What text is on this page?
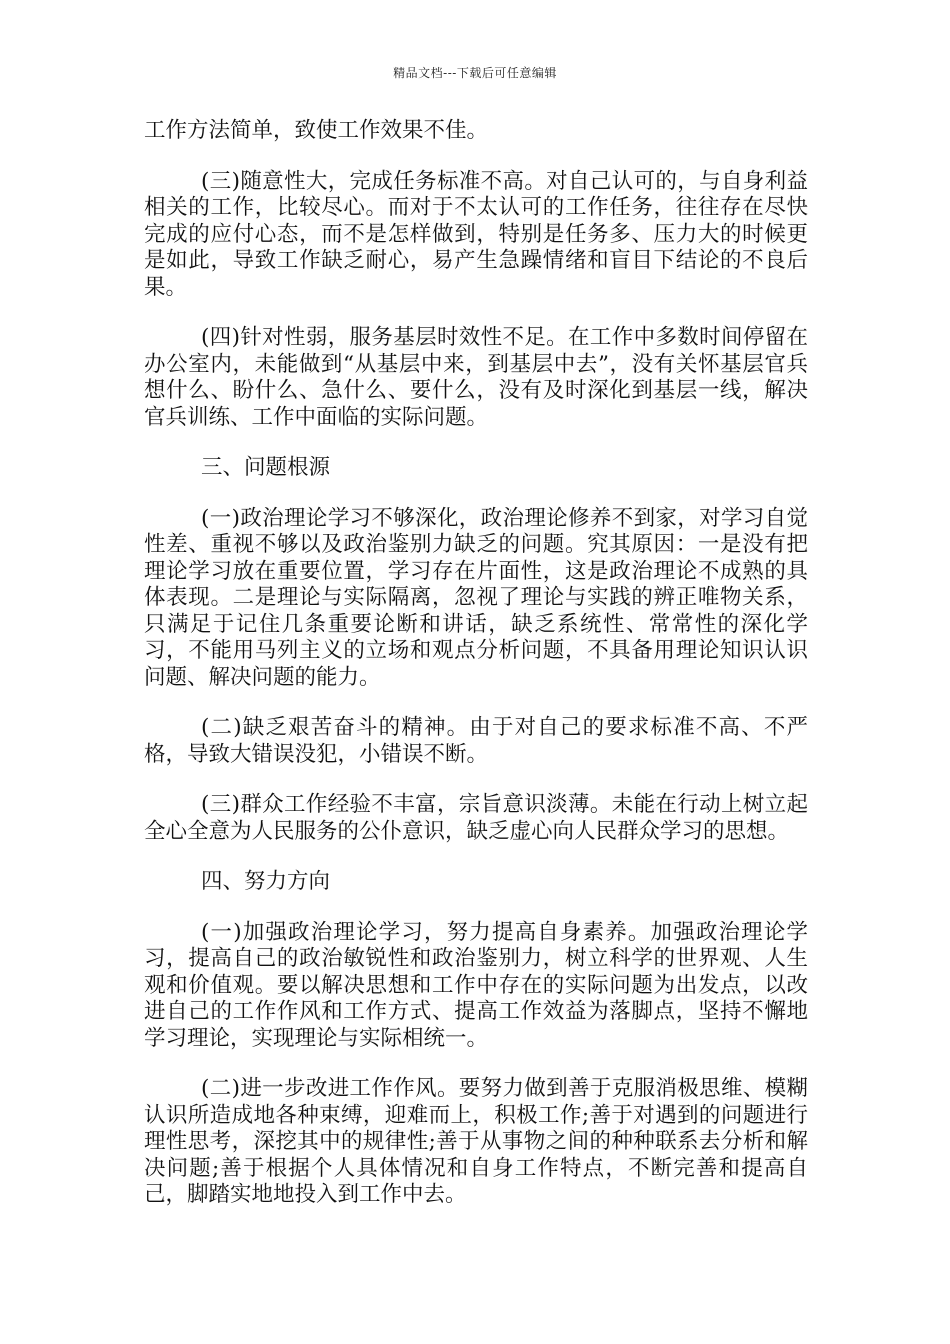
精品文档---下载后可任意编辑

工作方法简单，致使工作效果不佳。

(三)随意性大，完成任务标准不高。对自己认可的，与自身利益相关的工作，比较尽心。而对于不太认可的工作任务，往往存在尽快完成的应付心态，而不是怎样做到，特别是任务多、压力大的时候更是如此，导致工作缺乏耐心，易产生急躁情绪和盲目下结论的不良后果。

(四)针对性弱，服务基层时效性不足。在工作中多数时间停留在办公室内，未能做到“从基层中来，到基层中去”，没有关怀基层官兵想什么、盼什么、急什么、要什么，没有及时深化到基层一线，解决官兵训练、工作中面临的实际问题。

三、问题根源

(一)政治理论学习不够深化，政治理论修养不到家，对学习自觉性差、重视不够以及政治鉴别力缺乏的问题。究其原因：一是没有把理论学习放在重要位置，学习存在片面性，这是政治理论不成熟的具体表现。二是理论与实际隔离，忽视了理论与实践的辨正唯物关系，只满足于记住几条重要论断和讲话，缺乏系统性、常常性的深化学习，不能用马列主义的立场和观点分析问题，不具备用理论知识认识问题、解决问题的能力。

(二)缺乏艰苦奋斗的精神。由于对自己的要求标准不高、不严格，导致大错误没犯，小错误不断。

(三)群众工作经验不丰富，宗旨意识淡薄。未能在行动上树立起全心全意为人民服务的公仆意识，缺乏虚心向人民群众学习的思想。

四、努力方向

(一)加强政治理论学习，努力提高自身素养。加强政治理论学习，提高自己的政治敏锐性和政治鉴别力，树立科学的世界观、人生观和价值观。要以解决思想和工作中存在的实际问题为出发点，以改进自己的工作作风和工作方式、提高工作效益为落脚点，坚持不懈地学习理论，实现理论与实际相统一。

(二)进一步改进工作作风。要努力做到善于克服消极思维、模糊认识所造成地各种束缚，迎难而上，积极工作;善于对遇到的问题进行理性思考，深挖其中的规律性;善于从事物之间的种种联系去分析和解决问题;善于根据个人具体情况和自身工作特点，不断完善和提高自己，脚踏实地地投入到工作中去。
